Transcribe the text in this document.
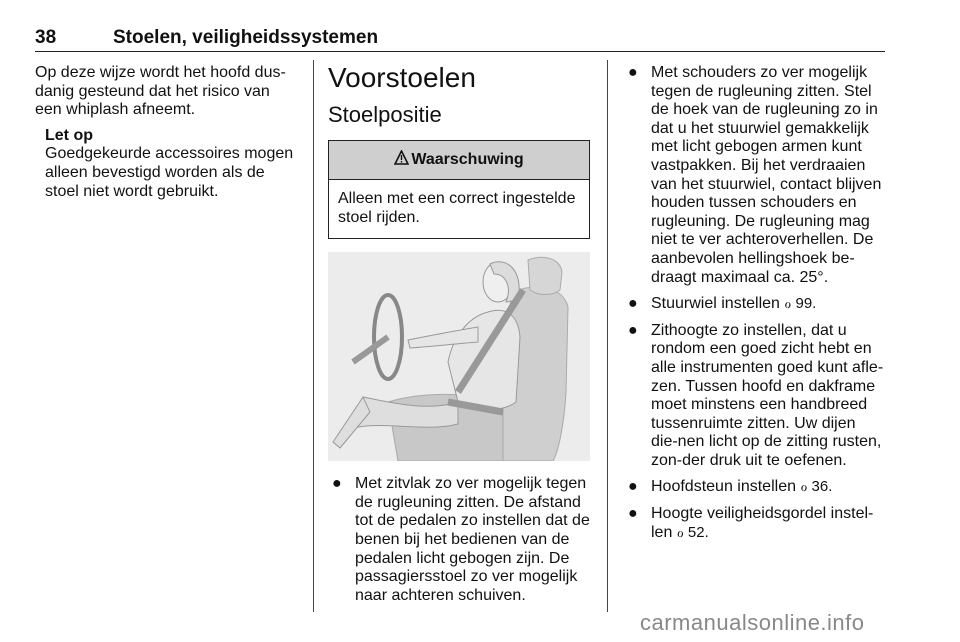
38	Stoelen, veiligheidssystemen

Op deze wijze wordt het hoofd dus-danig gesteund dat het risico van een whiplash afneemt.

Let op
Goedgekeurde accessoires mogen alleen bevestigd worden als de stoel niet wordt gebruikt.
Voorstoelen
Stoelpositie
Waarschuwing
Alleen met een correct ingestelde stoel rijden.
● Met zitvlak zo ver mogelijk tegen de rugleuning zitten. De afstand tot de pedalen zo instellen dat de benen bij het bedienen van de pedalen licht gebogen zijn. De passagiersstoel zo ver mogelijk naar achteren schuiven.
● Met schouders zo ver mogelijk tegen de rugleuning zitten. Stel de hoek van de rugleuning zo in dat u het stuurwiel gemakkelijk met licht gebogen armen kunt vastpakken. Bij het verdraaien van het stuurwiel, contact blijven houden tussen schouders en rugleuning. De rugleuning mag niet te ver achteroverhellen. De aanbevolen hellingshoek be-draagt maximaal ca. 25°.
● Stuurwiel instellen ℴ 99.
● Zithoogte zo instellen, dat u rondom een goed zicht hebt en alle instrumenten goed kunt afle-zen. Tussen hoofd en dakframe moet minstens een handbreed tussenruimte zitten. Uw dijen die-nen licht op de zitting rusten, zon-der druk uit te oefenen.
● Hoofdsteun instellen ℴ 36.
● Hoogte veiligheidsgordel instel-len ℴ 52.
carmanualsonline.info
